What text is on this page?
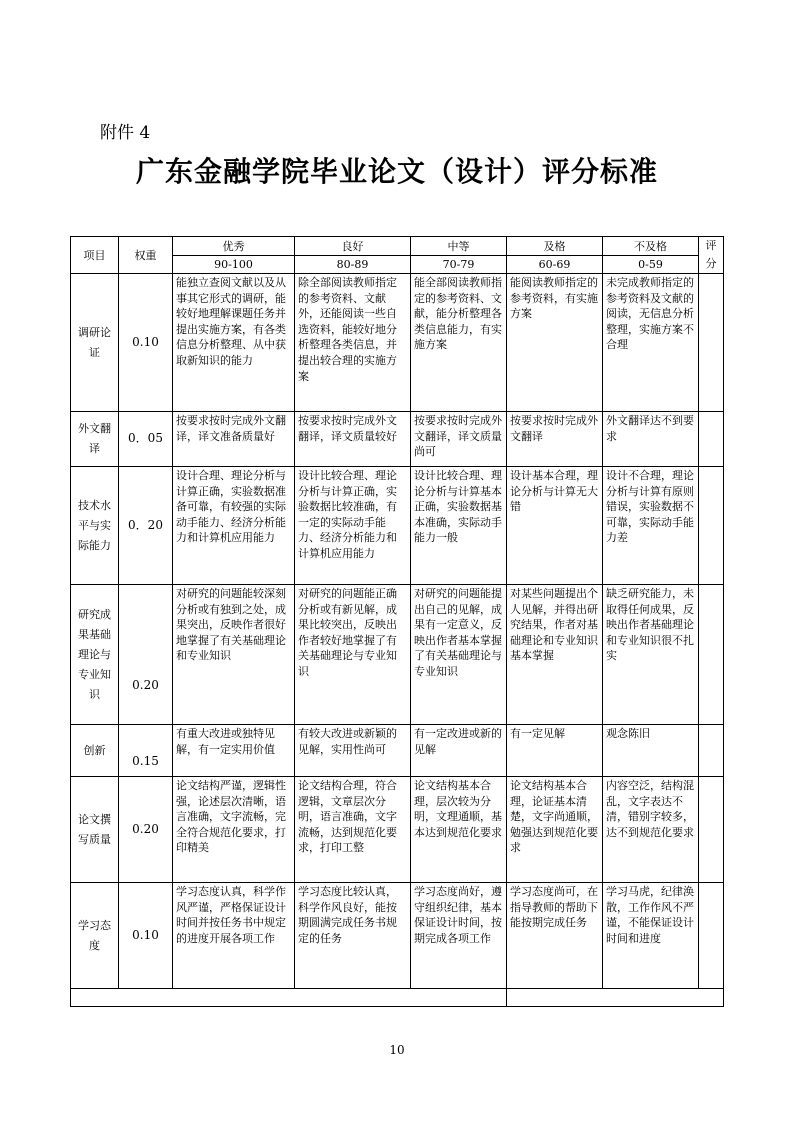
附件 4
广东金融学院毕业论文（设计）评分标准
项目	权重	优秀	良好	中等	及格	不及格	评分

		90-100	80-89	70-79	60-69	0-59	
调研论证	0.10	能独立查阅文献以及从事其它形式的调研，能较好地理解课题任务并提出实施方案，有各类信息分析整理、从中获取新知识的能力	除全部阅读教师指定的参考资料、文献外，还能阅读一些自选资料，能较好地分析整理各类信息，并提出较合理的实施方案	能全部阅读教师指定的参考资料、文献，能分析整理各类信息能力，有实施方案	能阅读教师指定的参考资料，有实施方案	未完成教师指定的参考资料及文献的阅读，无信息分析整理，实施方案不合理	
外文翻译	0．05	按要求按时完成外文翻译，译文准备质量好	按要求按时完成外文翻译，译文质量较好	按要求按时完成外文翻译，译文质量尚可	按要求按时完成外文翻译	外文翻译达不到要求	
技术水平与实际能力	0．20	设计合理、理论分析与计算正确，实验数据准备可靠，有较强的实际动手能力、经济分析能力和计算机应用能力	设计比较合理、理论分析与计算正确，实验数据比较准确，有一定的实际动手能力、经济分析能力和计算机应用能力	设计比较合理、理论分析与计算基本正确，实验数据基本准确，实际动手能力一般	设计基本合理，理论分析与计算无大错	设计不合理，理论分析与计算有原则错误，实验数据不可靠，实际动手能力差	
研究成果基础理论与专业知识	0.20	对研究的问题能较深刻分析或有独到之处，成果突出，反映作者很好地掌握了有关基础理论和专业知识	对研究的问题能正确分析或有新见解，成果比较突出，反映出作者较好地掌握了有关基础理论与专业知识	对研究的问题能提出自己的见解，成果有一定意义，反映出作者基本掌握了有关基础理论与专业知识	对某些问题提出个人见解，并得出研究结果，作者对基础理论和专业知识基本掌握	缺乏研究能力，未取得任何成果，反映出作者基础理论和专业知识很不扎实	
创新	0.15	有重大改进或独特见解，有一定实用价值	有较大改进或新颖的见解，实用性尚可	有一定改进或新的见解	有一定见解	观念陈旧	
论文撰写质量	0.20	论文结构严谨，逻辑性强，论述层次清晰，语言准确，文字流畅，完全符合规范化要求，打印精美	论文结构合理，符合逻辑，文章层次分明，语言准确，文字流畅，达到规范化要求，打印工整	论文结构基本合理，层次较为分明，文理通顺，基本达到规范化要求	论文结构基本合理，论证基本清楚，文字尚通顺，勉强达到规范化要求	内容空泛，结构混乱，文字表达不清，错别字较多，达不到规范化要求	
学习态度	0.10	学习态度认真，科学作风严谨，严格保证设计时间并按任务书中规定的进度开展各项工作	学习态度比较认真，科学作风良好，能按期圆满完成任务书规定的任务	学习态度尚好，遵守组织纪律，基本保证设计时间，按期完成各项工作	学习态度尚可，在指导教师的帮助下能按期完成任务	学习马虎，纪律涣散，工作作风不严谨，不能保证设计时间和进度	

10
